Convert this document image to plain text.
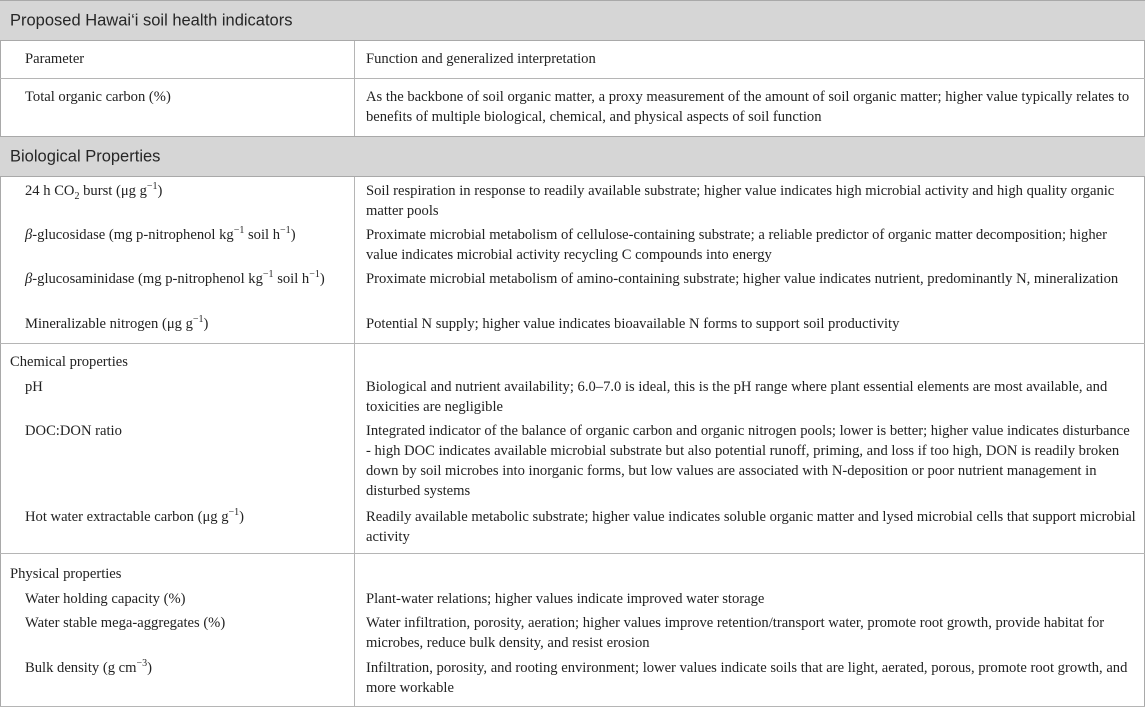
Proposed Hawai‘i soil health indicators
Parameter	Function and generalized interpretation
Total organic carbon (%)	As the backbone of soil organic matter, a proxy measurement of the amount of soil organic matter; higher value typically relates to benefits of multiple biological, chemical, and physical aspects of soil function
Biological Properties
24 h $CO_2$ burst (μg $g^{-1}$)	Soil respiration in response to readily available substrate; higher value indicates high microbial activity and high quality organic matter pools
β-glucosidase (mg p-nitrophenol $kg^{-1}$ soil $h^{-1}$)	Proximate microbial metabolism of cellulose-containing substrate; a reliable predictor of organic matter decomposition; higher value indicates microbial activity recycling C compounds into energy
β-glucosaminidase (mg p-nitrophenol $kg^{-1}$ soil $h^{-1}$)	Proximate microbial metabolism of amino-containing substrate; higher value indicates nutrient, predominantly N, mineralization
Mineralizable nitrogen (μg $g^{-1}$)	Potential N supply; higher value indicates bioavailable N forms to support soil productivity
Chemical properties
pH	Biological and nutrient availability; 6.0–7.0 is ideal, this is the pH range where plant essential elements are most available, and toxicities are negligible
DOC:DON ratio	Integrated indicator of the balance of organic carbon and organic nitrogen pools; lower is better; higher value indicates disturbance - high DOC indicates available microbial substrate but also potential runoff, priming, and loss if too high, DON is readily broken down by soil microbes into inorganic forms, but low values are associated with N-deposition or poor nutrient management in disturbed systems
Hot water extractable carbon (μg $g^{-1}$)	Readily available metabolic substrate; higher value indicates soluble organic matter and lysed microbial cells that support microbial activity
Physical properties
Water holding capacity (%)	Plant-water relations; higher values indicate improved water storage
Water stable mega-aggregates (%)	Water infiltration, porosity, aeration; higher values improve retention/transport water, promote root growth, provide habitat for microbes, reduce bulk density, and resist erosion
Bulk density (g $cm^{-3}$)	Infiltration, porosity, and rooting environment; lower values indicate soils that are light, aerated, porous, promote root growth, and more workable
